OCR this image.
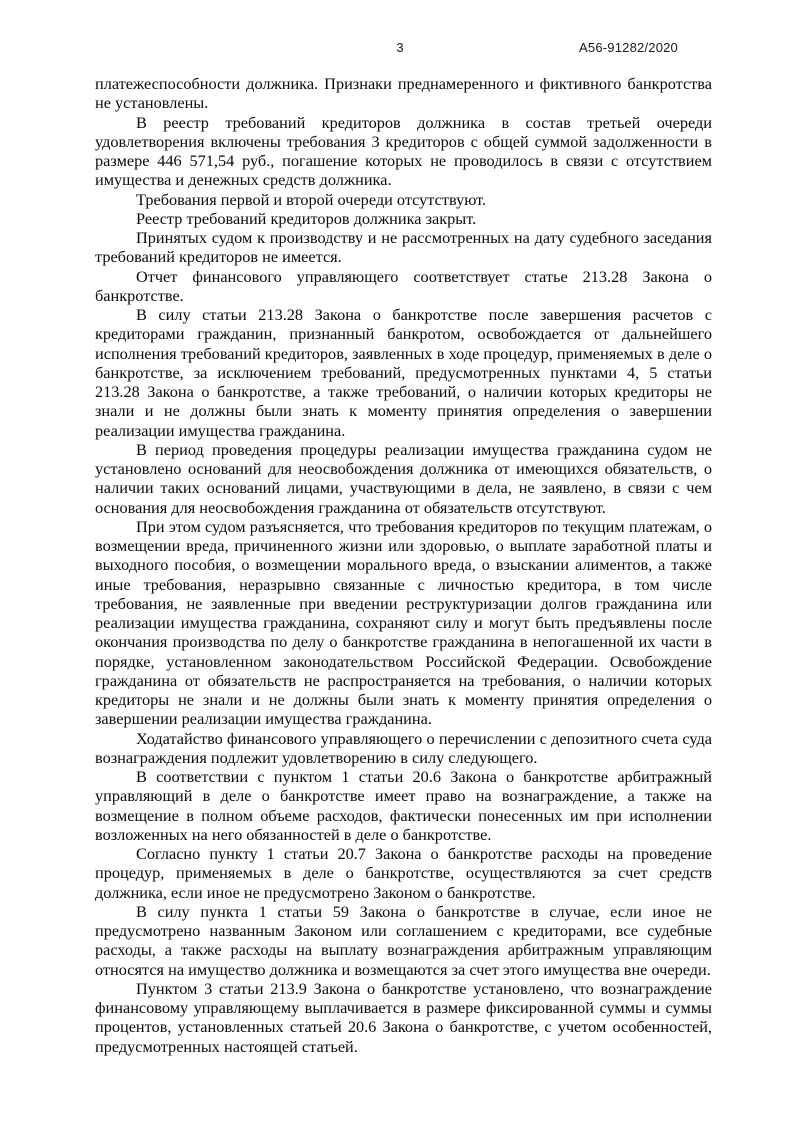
3	А56-91282/2020

платежеспособности должника. Признаки преднамеренного и фиктивного банкротства не установлены.

В реестр требований кредиторов должника в состав третьей очереди удовлетворения включены требования 3 кредиторов с общей суммой задолженности в размере 446 571,54 руб., погашение которых не проводилось в связи с отсутствием имущества и денежных средств должника.

Требования первой и второй очереди отсутствуют.

Реестр требований кредиторов должника закрыт.

Принятых судом к производству и не рассмотренных на дату судебного заседания требований кредиторов не имеется.

Отчет финансового управляющего соответствует статье 213.28 Закона о банкротстве.

В силу статьи 213.28 Закона о банкротстве после завершения расчетов с кредиторами гражданин, признанный банкротом, освобождается от дальнейшего исполнения требований кредиторов, заявленных в ходе процедур, применяемых в деле о банкротстве, за исключением требований, предусмотренных пунктами 4, 5 статьи 213.28 Закона о банкротстве, а также требований, о наличии которых кредиторы не знали и не должны были знать к моменту принятия определения о завершении реализации имущества гражданина.

В период проведения процедуры реализации имущества гражданина судом не установлено оснований для неосвобождения должника от имеющихся обязательств, о наличии таких оснований лицами, участвующими в дела, не заявлено, в связи с чем основания для неосвобождения гражданина от обязательств отсутствуют.

При этом судом разъясняется, что требования кредиторов по текущим платежам, о возмещении вреда, причиненного жизни или здоровью, о выплате заработной платы и выходного пособия, о возмещении морального вреда, о взыскании алиментов, а также иные требования, неразрывно связанные с личностью кредитора, в том числе требования, не заявленные при введении реструктуризации долгов гражданина или реализации имущества гражданина, сохраняют силу и могут быть предъявлены после окончания производства по делу о банкротстве гражданина в непогашенной их части в порядке, установленном законодательством Российской Федерации. Освобождение гражданина от обязательств не распространяется на требования, о наличии которых кредиторы не знали и не должны были знать к моменту принятия определения о завершении реализации имущества гражданина.

Ходатайство финансового управляющего о перечислении с депозитного счета суда вознаграждения подлежит удовлетворению в силу следующего.

В соответствии с пунктом 1 статьи 20.6 Закона о банкротстве арбитражный управляющий в деле о банкротстве имеет право на вознаграждение, а также на возмещение в полном объеме расходов, фактически понесенных им при исполнении возложенных на него обязанностей в деле о банкротстве.

Согласно пункту 1 статьи 20.7 Закона о банкротстве расходы на проведение процедур, применяемых в деле о банкротстве, осуществляются за счет средств должника, если иное не предусмотрено Законом о банкротстве.

В силу пункта 1 статьи 59 Закона о банкротстве в случае, если иное не предусмотрено названным Законом или соглашением с кредиторами, все судебные расходы, а также расходы на выплату вознаграждения арбитражным управляющим относятся на имущество должника и возмещаются за счет этого имущества вне очереди.

Пунктом 3 статьи 213.9 Закона о банкротстве установлено, что вознаграждение финансовому управляющему выплачивается в размере фиксированной суммы и суммы процентов, установленных статьей 20.6 Закона о банкротстве, с учетом особенностей, предусмотренных настоящей статьей.
